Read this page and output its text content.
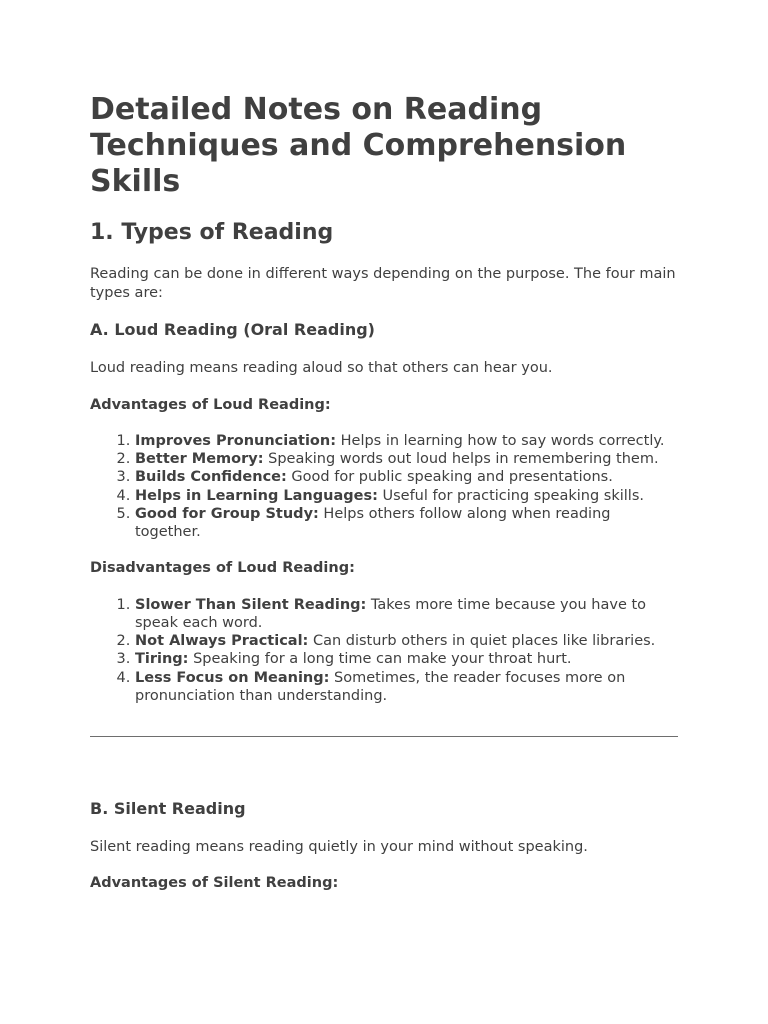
Detailed Notes on Reading Techniques and Comprehension Skills
1. Types of Reading

Reading can be done in different ways depending on the purpose. The four main types are:

A. Loud Reading (Oral Reading)

Loud reading means reading aloud so that others can hear you.

Advantages of Loud Reading:

1. Improves Pronunciation: Helps in learning how to say words correctly.
2. Better Memory: Speaking words out loud helps in remembering them.
3. Builds Confidence: Good for public speaking and presentations.
4. Helps in Learning Languages: Useful for practicing speaking skills.
5. Good for Group Study: Helps others follow along when reading together.

Disadvantages of Loud Reading:

1. Slower Than Silent Reading: Takes more time because you have to speak each word.
2. Not Always Practical: Can disturb others in quiet places like libraries.
3. Tiring: Speaking for a long time can make your throat hurt.
4. Less Focus on Meaning: Sometimes, the reader focuses more on pronunciation than understanding.
B. Silent Reading

Silent reading means reading quietly in your mind without speaking.

Advantages of Silent Reading:
